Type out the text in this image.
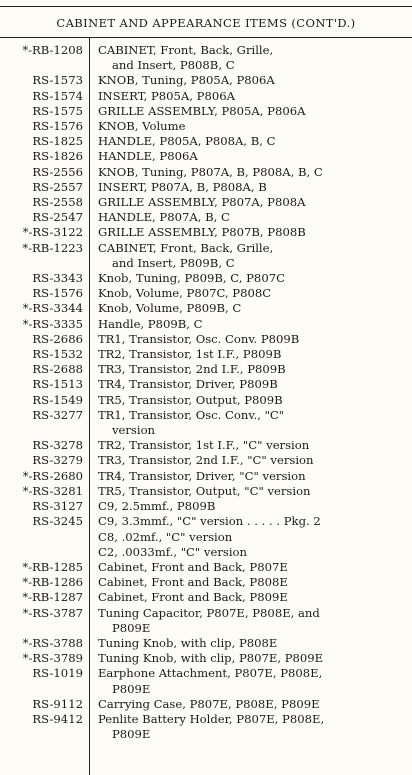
CABINET AND APPEARANCE ITEMS (CONT'D.)
*-RB-1208	CABINET, Front, Back, Grille,
and Insert, P808B, C
RS-1573	KNOB, Tuning, P805A, P806A
RS-1574	INSERT, P805A, P806A
RS-1575	GRILLE ASSEMBLY, P805A, P806A
RS-1576	KNOB, Volume
RS-1825	HANDLE, P805A, P808A, B, C
RS-1826	HANDLE, P806A
RS-2556	KNOB, Tuning, P807A, B, P808A, B, C
RS-2557	INSERT, P807A, B, P808A, B
RS-2558	GRILLE ASSEMBLY, P807A, P808A
RS-2547	HANDLE, P807A, B, C
*-RS-3122	GRILLE ASSEMBLY, P807B, P808B
*-RB-1223	CABINET, Front, Back, Grille,
and Insert, P809B, C
RS-3343	Knob, Tuning, P809B, C, P807C
RS-1576	Knob, Volume, P807C, P808C
*-RS-3344	Knob, Volume, P809B, C
*-RS-3335	Handle, P809B, C
RS-2686	TR1, Transistor, Osc. Conv. P809B
RS-1532	TR2, Transistor, 1st I.F., P809B
RS-2688	TR3, Transistor, 2nd I.F., P809B
RS-1513	TR4, Transistor, Driver, P809B
RS-1549	TR5, Transistor, Output, P809B
RS-3277	TR1, Transistor, Osc. Conv., "C"
version
RS-3278	TR2, Transistor, 1st I.F., "C" version
RS-3279	TR3, Transistor, 2nd I.F., "C" version
*-RS-2680	TR4, Transistor, Driver, "C" version
*-RS-3281	TR5, Transistor, Output, "C" version
RS-3127	C9, 2.5mmf., P809B
RS-3245	C9, 3.3mmf., "C" version . . . . . Pkg. 2
C8, .02mf., "C" version
C2, .0033mf., "C" version
*-RB-1285	Cabinet, Front and Back, P807E
*-RB-1286	Cabinet, Front and Back, P808E
*-RB-1287	Cabinet, Front and Back, P809E
*-RS-3787	Tuning Capacitor, P807E, P808E, and
P809E
*-RS-3788	Tuning Knob, with clip, P808E
*-RS-3789	Tuning Knob, with clip, P807E, P809E
RS-1019	Earphone Attachment, P807E, P808E,
P809E
RS-9112	Carrying Case, P807E, P808E, P809E
RS-9412	Penlite Battery Holder, P807E, P808E,
P809E
